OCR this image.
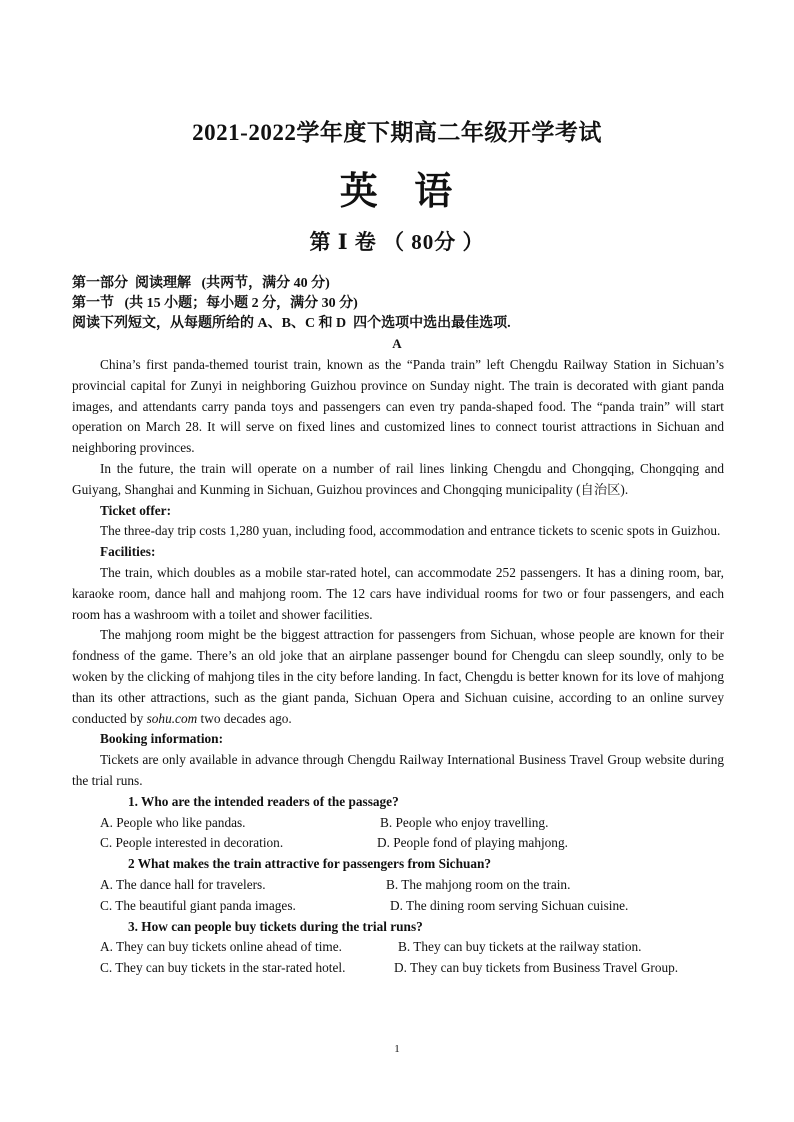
2021-2022学年度下期高二年级开学考试
英   语
第 Ⅰ 卷 （ 80分 ）
第一部分  阅读理解   (共两节，满分 40 分)
第一节   (共 15 小题；每小题 2 分，满分 30 分)
阅读下列短文，从每题所给的 A、B、C 和 D  四个选项中选出最佳选项.
A

China’s first panda-themed tourist train, known as the “Panda train” left Chengdu Railway Station in Sichuan’s provincial capital for Zunyi in neighboring Guizhou province on Sunday night. The train is decorated with giant panda images, and attendants carry panda toys and passengers can even try panda-shaped food. The “panda train” will start operation on March 28. It will serve on fixed lines and customized lines to connect tourist attractions in Sichuan and neighboring provinces.

In the future, the train will operate on a number of rail lines linking Chengdu and Chongqing, Chongqing and Guiyang, Shanghai and Kunming in Sichuan, Guizhou provinces and Chongqing municipality (自治区).

Ticket offer:

The three-day trip costs 1,280 yuan, including food, accommodation and entrance tickets to scenic spots in Guizhou.

Facilities:

The train, which doubles as a mobile star-rated hotel, can accommodate 252 passengers. It has a dining room, bar, karaoke room, dance hall and mahjong room. The 12 cars have individual rooms for two or four passengers, and each room has a washroom with a toilet and shower facilities.

The mahjong room might be the biggest attraction for passengers from Sichuan, whose people are known for their fondness of the game. There’s an old joke that an airplane passenger bound for Chengdu can sleep soundly, only to be woken by the clicking of mahjong tiles in the city before landing. In fact, Chengdu is better known for its love of mahjong than its other attractions, such as the giant panda, Sichuan Opera and Sichuan cuisine, according to an online survey conducted by sohu.com two decades ago.

Booking information:

Tickets are only available in advance through Chengdu Railway International Business Travel Group website during the trial runs.

1. Who are the intended readers of the passage?

A. People who like pandas.	B. People who enjoy travelling.
C. People interested in decoration.	D. People fond of playing mahjong.

2 What makes the train attractive for passengers from Sichuan?

A. The dance hall for travelers.	B. The mahjong room on the train.
C. The beautiful giant panda images.	D. The dining room serving Sichuan cuisine.

3. How can people buy tickets during the trial runs?

A. They can buy tickets online ahead of time.	B. They can buy tickets at the railway station.
C. They can buy tickets in the star-rated hotel.	D. They can buy tickets from Business Travel Group.
1
